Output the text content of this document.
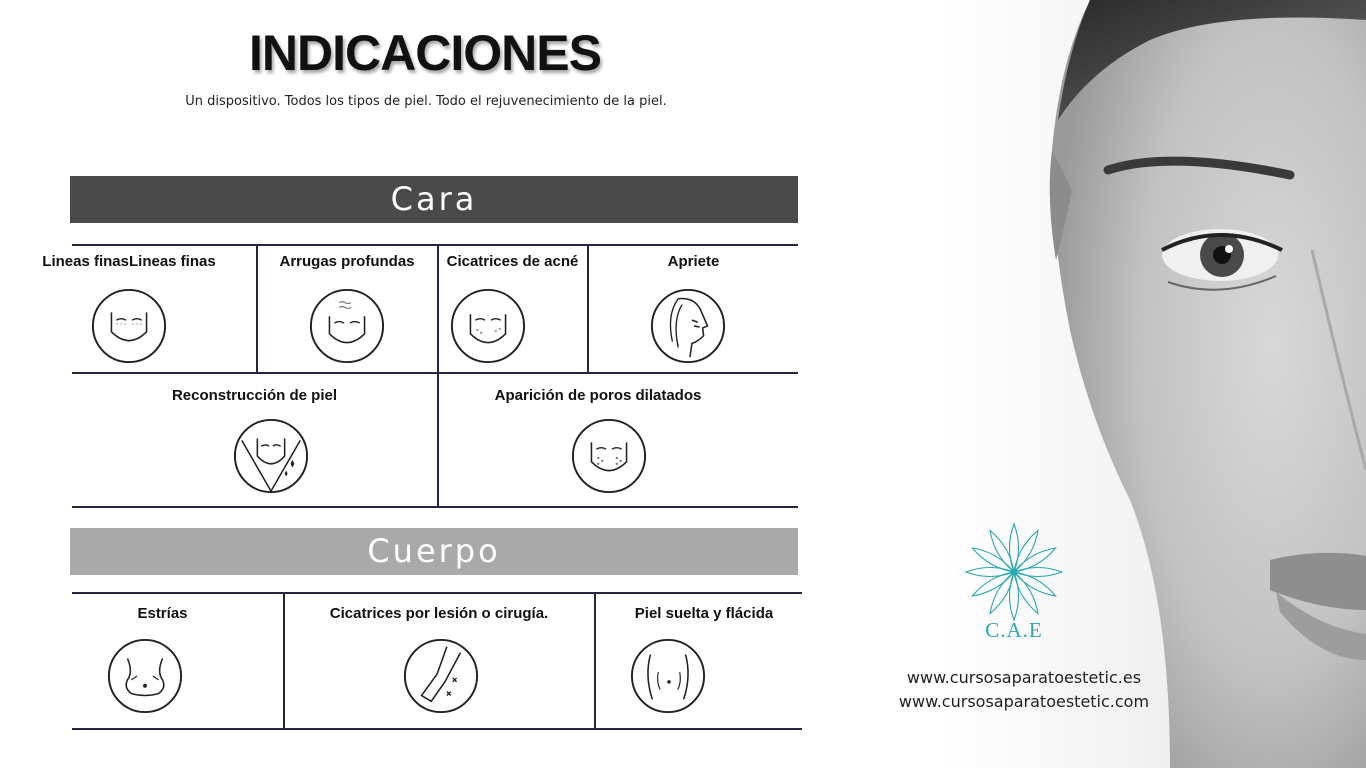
INDICACIONES
Un dispositivo. Todos los tipos de piel. Todo el rejuvenecimiento de la piel.
Cara
Lineas finasLineas finas	Arrugas profundas	Cicatrices de acné	Apriete
Reconstrucción de piel	Aparición de poros dilatados
Cuerpo
Estrías	Cicatrices por lesión o cirugía.	Piel suelta y flácida
C.A.E
www.cursosaparatoestetic.es
www.cursosaparatoestetic.com
